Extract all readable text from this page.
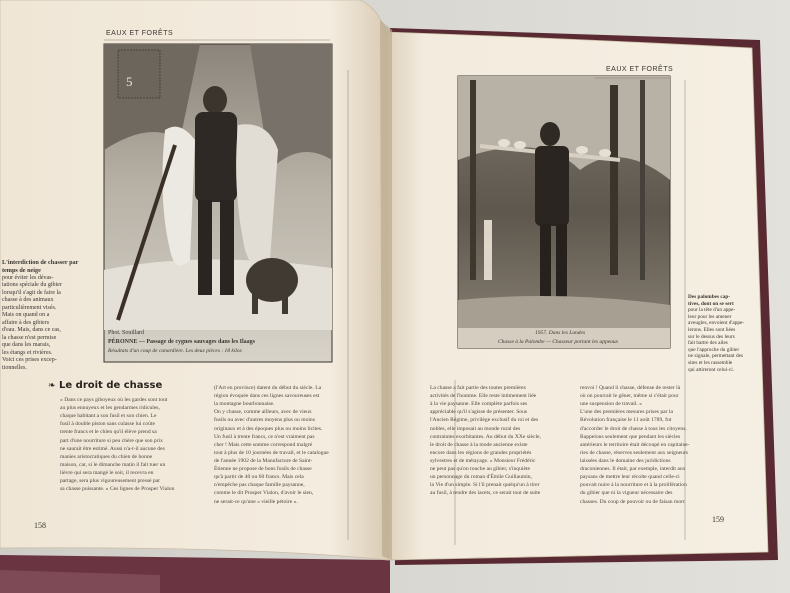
EAUX ET FORÊTS
5
Phot. Souillard
PÉRONNE — Passage de cygnes sauvages dans les Ilaags
Résultats d'un coup de canardière. Les deux pièces : 18 kilos
L'interdiction de chasser par temps de neige
pour éviter les dévas-
tations spéciale du gibier
lorsqu'il s'agit de faire la
chasse à des animaux
particulièrement visés.
Mais on quand on a
affaire à des gibiers
d'eau. Mais, dans ce cas,
la chasse n'est permise
que dans les marais,
les étangs et rivières.
Voici ces prises excep-
tionnelles.
❧ Le droit de chasse
« Dans ce pays giboyeux où les gardes sont tout
au plus ennuyeux et les gendarmes ridicules,
chaque habitant a son fusil et son chien. Le
fusil à double piston sans culasse lui coûte
trente francs et le chien qu'il élève prend sa
part d'une nourriture si peu chère que son prix
ne saurait être estimé. Aussi n'a-t-il aucune des
manies aristocratiques du chien de bonne
maison, car, si le dimanche matin il fait tuer un
lièvre qui sera mangé le soir, il recevra en
partage, sera plus vigoureusement pressé par
sa chasse puissante. » Ces lignes de Prosper Vialon
(l'Art en province) datent du début du siècle. La
région évoquée dans ces lignes savoureuses est
la montagne bourbonnaise.
On y chasse, comme ailleurs, avec de vieux
fusils ou avec d'autres moyens plus ou moins
originaux et à des époques plus ou moins licites.
Un fusil à trente francs, ce n'est vraiment pas
cher ! Mais cette somme correspond malgré
tout à plus de 10 journées de travail, et le catalogue
de l'année 1902 de la Manufacture de Saint-
Étienne ne propose de bons fusils de chasse
qu'à partir de 40 ou 60 francs. Mais cela
n'empêche pas chaque famille paysanne,
comme le dit Prosper Vialon, d'avoir le sien,
ne serait-ce qu'une « vieille pétoire ».
158
EAUX ET FORÊTS
1957. Dans les Landes
Chasse à la Palombe — Chasseur portant les appeaux
Des palombes cap-
tives, dont on se sert
pour la tête d'un appe-
leur pour les amener
aveugles, envoient d'appe-
lerons. Elles sont liées
sur le dessus des leurs
fait battre des ailes
que l'approche du gibier
ne signale, permettant des
sites et les rassemble
qui attireront celui-ci.
La chasse a fait partie des toutes premières
activités de l'homme. Elle reste intimement liée
à la vie paysanne. Elle complète parfois ses
appréciable qu'il s'agisse de présenter. Sous
l'Ancien Régime, privilège exclusif du roi et des
nobles, elle imposait au monde rural des
contraintes exorbitantes. Au début du XXe siècle,
le droit de chasse à la mode ancienne existe
encore dans les régions de grandes propriétés
sylvestres et de métayage. « Monsieur Frédéric
ne peut pas qu'on touche au gibier, s'inquiète
un personnage du roman d'Émile Guillaumin,
la Vie d'un simple. Si l'il prenait quelqu'un à tirer
au fusil, à tendre des lacets, ce serait tout de suite
renvoi ! Quand il chasse, défense de rester là
où on pourrait le gêner, même si c'était pour
une suspension de travail. »
L'une des premières mesures prises par la
Révolution française le 11 août 1789, fut
d'accorder le droit de chasse à tous les citoyens.
Rappelons seulement que pendant les siècles
antérieurs le territoire était découpé en capitaine-
ries de chasse, réserves seulement aux seigneurs
laissées dans le domaine des juridictions
draconiennes. Il était, par exemple, interdit aux
paysans de mettre leur récolte quand celle-ci
pouvait nuire à la nourriture et à la prolifération
du gibier que ni la vigueur nécessaire des
chasses. Du coup de pouvoir ou de faisan mort
159
